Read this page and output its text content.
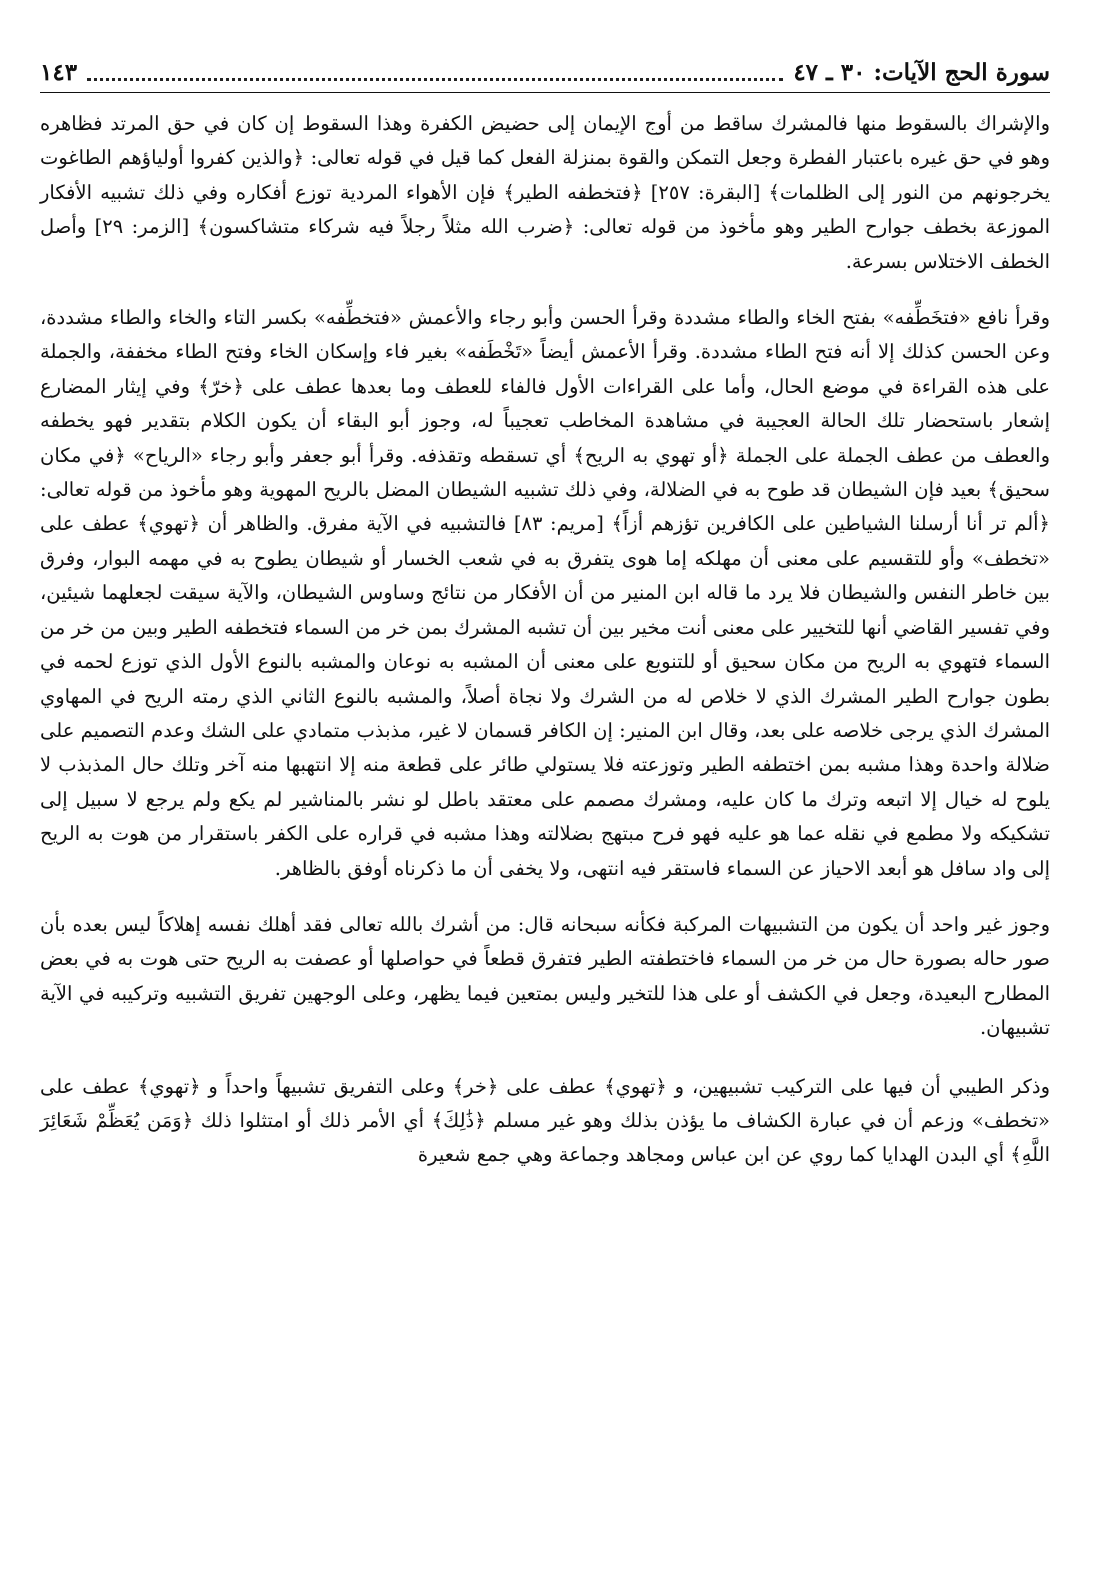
سورة الحج الآيات: ٣٠ ـ ٤٧
١٤٣

والإشراك بالسقوط منها فالمشرك ساقط من أوج الإيمان إلى حضيض الكفرة وهذا السقوط إن كان في حق المرتد فظاهره وهو في حق غيره باعتبار الفطرة وجعل التمكن والقوة بمنزلة الفعل كما قيل في قوله تعالى: ﴿والذين كفروا أولياؤهم الطاغوت يخرجونهم من النور إلى الظلمات﴾ [البقرة: ٢٥٧] ﴿فتخطفه الطير﴾ فإن الأهواء المردية توزع أفكاره وفي ذلك تشبيه الأفكار الموزعة بخطف جوارح الطير وهو مأخوذ من قوله تعالى: ﴿ضرب الله مثلاً رجلاً فيه شركاء متشاكسون﴾ [الزمر: ٢٩] وأصل الخطف الاختلاس بسرعة.

وقرأ نافع «فتخَطِّفه» بفتح الخاء والطاء مشددة وقرأ الحسن وأبو رجاء والأعمش «فتخطِّفه» بكسر التاء والخاء والطاء مشددة، وعن الحسن كذلك إلا أنه فتح الطاء مشددة. وقرأ الأعمش أيضاً «تَخْطَفه» بغير فاء وإسكان الخاء وفتح الطاء مخففة، والجملة على هذه القراءة في موضع الحال، وأما على القراءات الأول فالفاء للعطف وما بعدها عطف على ﴿خرّ﴾ وفي إيثار المضارع إشعار باستحضار تلك الحالة العجيبة في مشاهدة المخاطب تعجيباً له، وجوز أبو البقاء أن يكون الكلام بتقدير فهو يخطفه والعطف من عطف الجملة على الجملة ﴿أو تهوي به الريح﴾ أي تسقطه وتقذفه. وقرأ أبو جعفر وأبو رجاء «الرياح» ﴿في مكان سحيق﴾ بعيد فإن الشيطان قد طوح به في الضلالة، وفي ذلك تشبيه الشيطان المضل بالريح المهوية وهو مأخوذ من قوله تعالى: ﴿ألم تر أنا أرسلنا الشياطين على الكافرين تؤزهم أزاً﴾ [مريم: ٨٣] فالتشبيه في الآية مفرق. والظاهر أن ﴿تهوي﴾ عطف على «تخطف» وأو للتقسيم على معنى أن مهلكه إما هوى يتفرق به في شعب الخسار أو شيطان يطوح به في مهمه البوار، وفرق بين خاطر النفس والشيطان فلا يرد ما قاله ابن المنير من أن الأفكار من نتائج وساوس الشيطان، والآية سيقت لجعلهما شيئين، وفي تفسير القاضي أنها للتخيير على معنى أنت مخير بين أن تشبه المشرك بمن خر من السماء فتخطفه الطير وبين من خر من السماء فتهوي به الريح من مكان سحيق أو للتنويع على معنى أن المشبه به نوعان والمشبه بالنوع الأول الذي توزع لحمه في بطون جوارح الطير المشرك الذي لا خلاص له من الشرك ولا نجاة أصلاً، والمشبه بالنوع الثاني الذي رمته الريح في المهاوي المشرك الذي يرجى خلاصه على بعد، وقال ابن المنير: إن الكافر قسمان لا غير، مذبذب متمادي على الشك وعدم التصميم على ضلالة واحدة وهذا مشبه بمن اختطفه الطير وتوزعته فلا يستولي طائر على قطعة منه إلا انتهبها منه آخر وتلك حال المذبذب لا يلوح له خيال إلا اتبعه وترك ما كان عليه، ومشرك مصمم على معتقد باطل لو نشر بالمناشير لم يكع ولم يرجع لا سبيل إلى تشكيكه ولا مطمع في نقله عما هو عليه فهو فرح مبتهج بضلالته وهذا مشبه في قراره على الكفر باستقرار من هوت به الريح إلى واد سافل هو أبعد الاحياز عن السماء فاستقر فيه انتهى، ولا يخفى أن ما ذكرناه أوفق بالظاهر.

وجوز غير واحد أن يكون من التشبيهات المركبة فكأنه سبحانه قال: من أشرك بالله تعالى فقد أهلك نفسه إهلاكاً ليس بعده بأن صور حاله بصورة حال من خر من السماء فاختطفته الطير فتفرق قطعاً في حواصلها أو عصفت به الريح حتى هوت به في بعض المطارح البعيدة، وجعل في الكشف أو على هذا للتخير وليس بمتعين فيما يظهر، وعلى الوجهين تفريق التشبيه وتركيبه في الآية تشبيهان.

وذكر الطيبي أن فيها على التركيب تشبيهين، و ﴿تهوي﴾ عطف على ﴿خر﴾ وعلى التفريق تشبيهاً واحداً و ﴿تهوي﴾ عطف على «تخطف» وزعم أن في عبارة الكشاف ما يؤذن بذلك وهو غير مسلم ﴿ذَٰلِكَ﴾ أي الأمر ذلك أو امتثلوا ذلك ﴿وَمَن يُعَظِّمْ شَعَائِرَ اللَّهِ﴾ أي البدن الهدايا كما روي عن ابن عباس ومجاهد وجماعة وهي جمع شعيرة
